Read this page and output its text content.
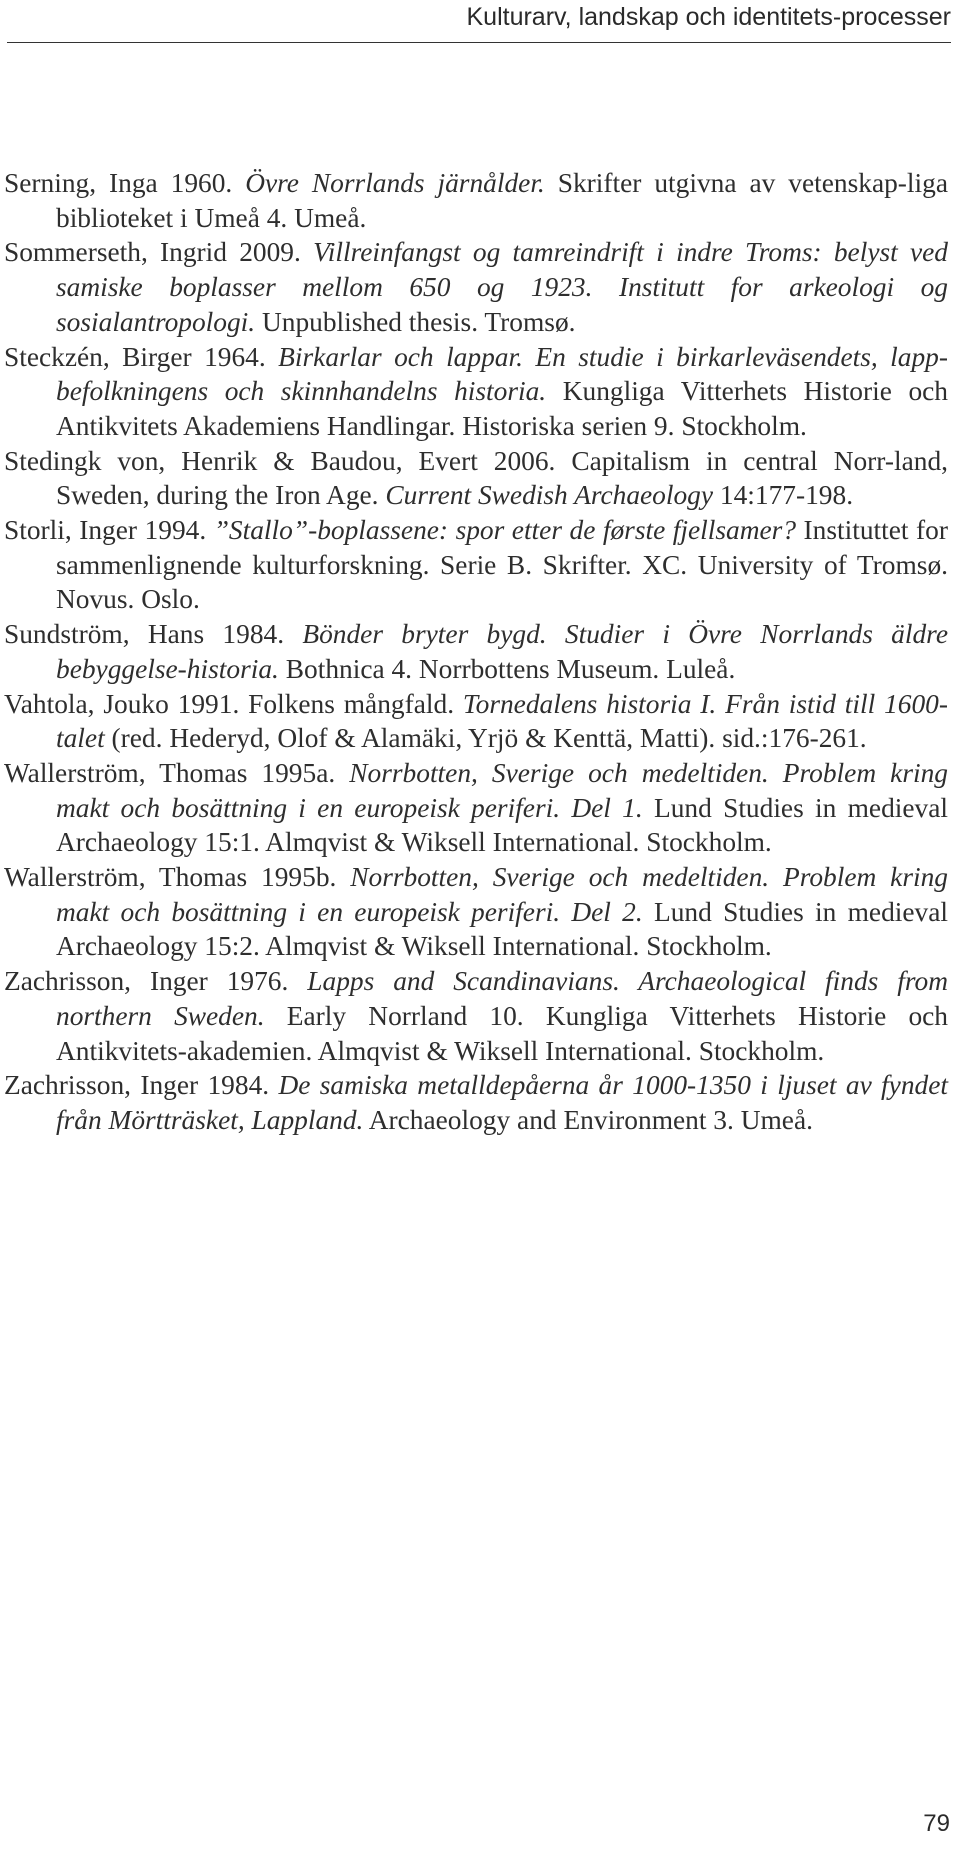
Kulturarv, landskap och identitets-processer

Serning, Inga 1960. Övre Norrlands järnålder. Skrifter utgivna av vetenskap-liga biblioteket i Umeå 4. Umeå.

Sommerseth, Ingrid 2009. Villreinfangst og tamreindrift i indre Troms: belyst ved samiske boplasser mellom 650 og 1923. Institutt for arkeologi og sosialantropologi. Unpublished thesis. Tromsø.

Steckzén, Birger 1964. Birkarlar och lappar. En studie i birkarleväsendets, lapp-befolkningens och skinnhandelns historia. Kungliga Vitterhets Historie och Antikvitets Akademiens Handlingar. Historiska serien 9. Stockholm.

Stedingk von, Henrik & Baudou, Evert 2006. Capitalism in central Norr-land, Sweden, during the Iron Age. Current Swedish Archaeology 14:177-198.

Storli, Inger 1994. ”Stallo”-boplassene: spor etter de første fjellsamer? Instituttet for sammenlignende kulturforskning. Serie B. Skrifter. XC. University of Tromsø. Novus. Oslo.

Sundström, Hans 1984. Bönder bryter bygd. Studier i Övre Norrlands äldre bebyggelse-historia. Bothnica 4. Norrbottens Museum. Luleå.

Vahtola, Jouko 1991. Folkens mångfald. Tornedalens historia I. Från istid till 1600-talet (red. Hederyd, Olof & Alamäki, Yrjö & Kenttä, Matti). sid.:176-261.

Wallerström, Thomas 1995a. Norrbotten, Sverige och medeltiden. Problem kring makt och bosättning i en europeisk periferi. Del 1. Lund Studies in medieval Archaeology 15:1. Almqvist & Wiksell International. Stockholm.

Wallerström, Thomas 1995b. Norrbotten, Sverige och medeltiden. Problem kring makt och bosättning i en europeisk periferi. Del 2. Lund Studies in medieval Archaeology 15:2. Almqvist & Wiksell International. Stockholm.

Zachrisson, Inger 1976. Lapps and Scandinavians. Archaeological finds from northern Sweden. Early Norrland 10. Kungliga Vitterhets Historie och Antikvitets-akademien. Almqvist & Wiksell International. Stockholm.

Zachrisson, Inger 1984. De samiska metalldepåerna år 1000-1350 i ljuset av fyndet från Mörtträsket, Lappland. Archaeology and Environment 3. Umeå.

79
